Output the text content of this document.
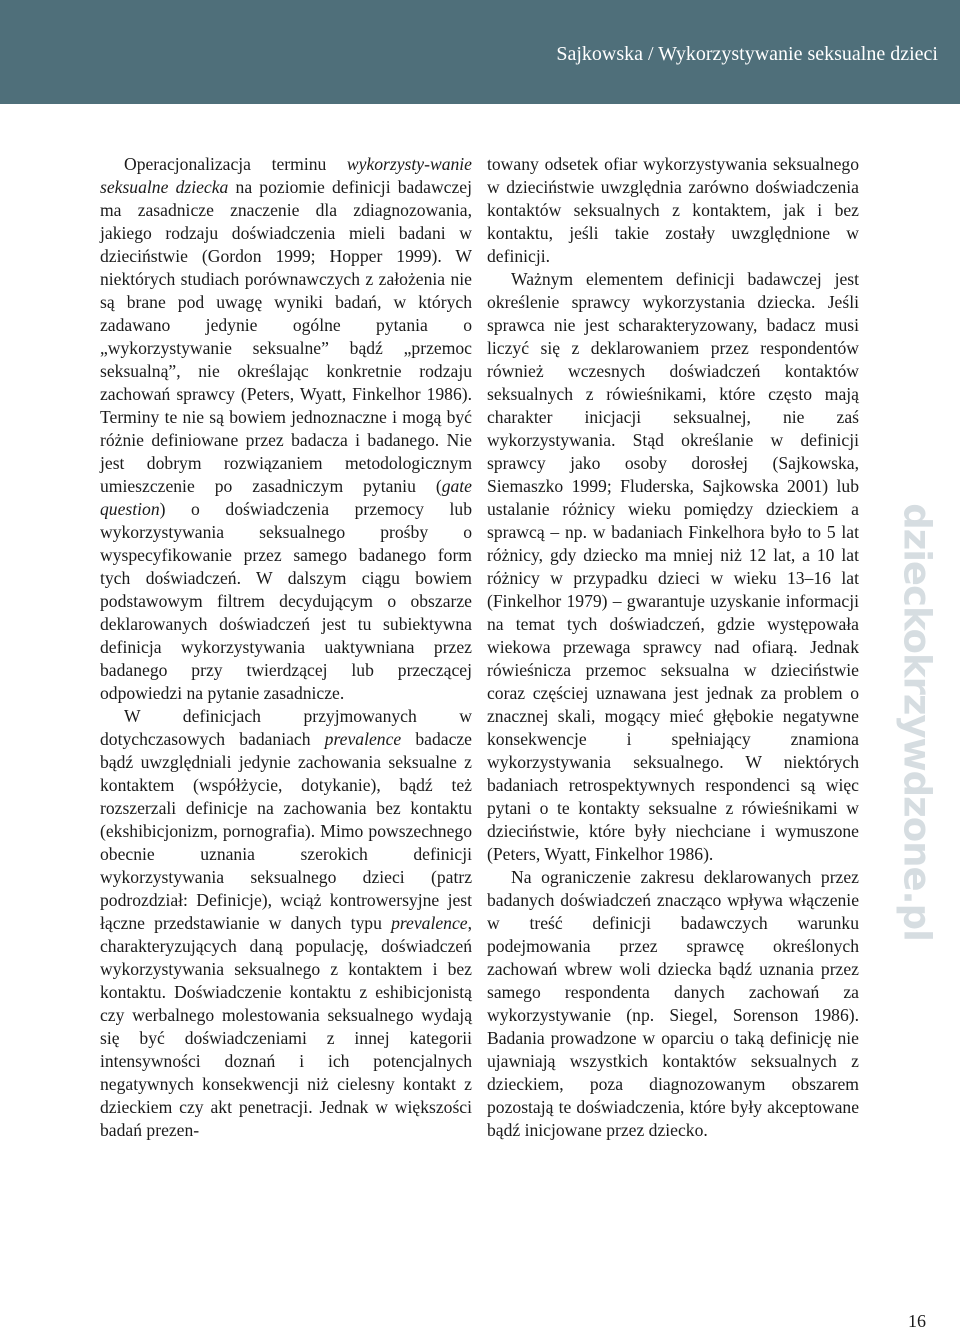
Sajkowska / Wykorzystywanie seksualne dzieci

Operacjonalizacja terminu wykorzysty-wanie seksualne dziecka na poziomie definicji badawczej ma zasadnicze znaczenie dla zdiagnozowania, jakiego rodzaju doświadczenia mieli badani w dzieciństwie (Gordon 1999; Hopper 1999). W niektórych studiach porównawczych z założenia nie są brane pod uwagę wyniki badań, w których zadawano jedynie ogólne pytania o „wykorzystywanie seksualne” bądź „przemoc seksualną”, nie określając konkretnie rodzaju zachowań sprawcy (Peters, Wyatt, Finkelhor 1986). Terminy te nie są bowiem jednoznaczne i mogą być różnie definiowane przez badacza i badanego. Nie jest dobrym rozwiązaniem metodologicznym umieszczenie po zasadniczym pytaniu (gate question) o doświadczenia przemocy lub wykorzystywania seksualnego prośby o wyspecyfikowanie przez samego badanego form tych doświadczeń. W dalszym ciągu bowiem podstawowym filtrem decydującym o obszarze deklarowanych doświadczeń jest tu subiektywna definicja wykorzystywania uaktywniana przez badanego przy twierdzącej lub przeczącej odpowiedzi na pytanie zasadnicze.

W definicjach przyjmowanych w dotychczasowych badaniach prevalence badacze bądź uwzględniali jedynie zachowania seksualne z kontaktem (współżycie, dotykanie), bądź też rozszerzali definicje na zachowania bez kontaktu (ekshibicjonizm, pornografia). Mimo powszechnego obecnie uznania szerokich definicji wykorzystywania seksualnego dzieci (patrz podrozdział: Definicje), wciąż kontrowersyjne jest łączne przedstawianie w danych typu prevalence, charakteryzujących daną populację, doświadczeń wykorzystywania seksualnego z kontaktem i bez kontaktu. Doświadczenie kontaktu z eshibicjonistą czy werbalnego molestowania seksualnego wydają się być doświadczeniami z innej kategorii intensywności doznań i ich potencjalnych negatywnych konsekwencji niż cielesny kontakt z dzieckiem czy akt penetracji. Jednak w większości badań prezen-

towany odsetek ofiar wykorzystywania seksualnego w dzieciństwie uwzględnia zarówno doświadczenia kontaktów seksualnych z kontaktem, jak i bez kontaktu, jeśli takie zostały uwzględnione w definicji.

Ważnym elementem definicji badawczej jest określenie sprawcy wykorzystania dziecka. Jeśli sprawca nie jest scharakteryzowany, badacz musi liczyć się z deklarowaniem przez respondentów również wczesnych doświadczeń kontaktów seksualnych z rówieśnikami, które często mają charakter inicjacji seksualnej, nie zaś wykorzystywania. Stąd określanie w definicji sprawcy jako osoby dorosłej (Sajkowska, Siemaszko 1999; Fluderska, Sajkowska 2001) lub ustalanie różnicy wieku pomiędzy dzieckiem a sprawcą – np. w badaniach Finkelhora było to 5 lat różnicy, gdy dziecko ma mniej niż 12 lat, a 10 lat różnicy w przypadku dzieci w wieku 13–16 lat (Finkelhor 1979) – gwarantuje uzyskanie informacji na temat tych doświadczeń, gdzie występowała wiekowa przewaga sprawcy nad ofiarą. Jednak rówieśnicza przemoc seksualna w dzieciństwie coraz częściej uznawana jest jednak za problem o znacznej skali, mogący mieć głębokie negatywne konsekwencje i spełniający znamiona wykorzystywania seksualnego. W niektórych badaniach retrospektywnych respondenci są więc pytani o te kontakty seksualne z rówieśnikami w dzieciństwie, które były niechciane i wymuszone (Peters, Wyatt, Finkelhor 1986).

Na ograniczenie zakresu deklarowanych przez badanych doświadczeń znacząco wpływa włączenie w treść definicji badawczych warunku podejmowania przez sprawcę określonych zachowań wbrew woli dziecka bądź uznania przez samego respondenta danych zachowań za wykorzystywanie (np. Siegel, Sorenson 1986). Badania prowadzone w oparciu o taką definicję nie ujawniają wszystkich kontaktów seksualnych z dzieckiem, poza diagnozowanym obszarem pozostają te doświadczenia, które były akceptowane bądź inicjowane przez dziecko.

dzieckokrzywdzone.pl
16
